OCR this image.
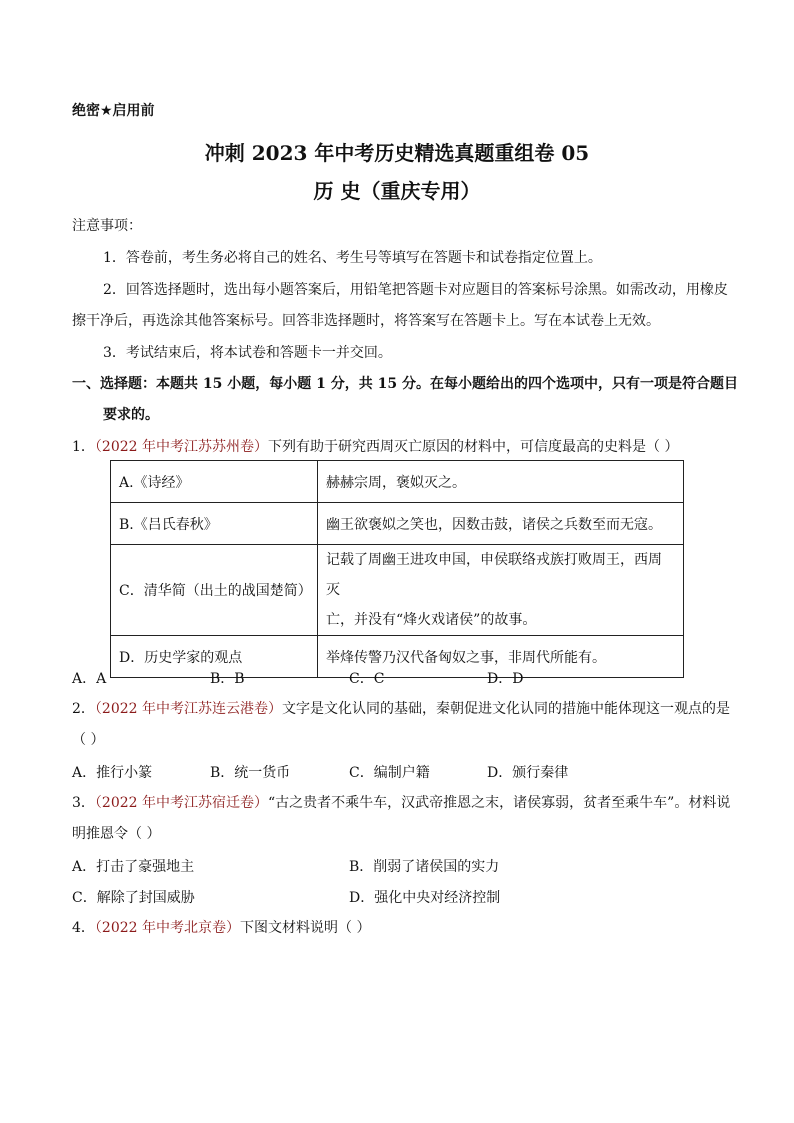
绝密★启用前
冲刺 2023 年中考历史精选真题重组卷 05
历 史（重庆专用）
注意事项：
1．答卷前，考生务必将自己的姓名、考生号等填写在答题卡和试卷指定位置上。
2．回答选择题时，选出每小题答案后，用铅笔把答题卡对应题目的答案标号涂黑。如需改动，用橡皮
擦干净后，再选涂其他答案标号。回答非选择题时，将答案写在答题卡上。写在本试卷上无效。
3．考试结束后，将本试卷和答题卡一并交回。
一、选择题：本题共 15 小题，每小题 1 分，共 15 分。在每小题给出的四个选项中，只有一项是符合题目
要求的。
1．（2022 年中考江苏苏州卷）下列有助于研究西周灭亡原因的材料中，可信度最高的史料是（ ）
A.《诗经》	赫赫宗周，褒姒灭之。
B.《吕氏春秋》	幽王欲褒姒之笑也，因数击鼓，诸侯之兵数至而无寇。
C．清华简（出土的战国楚简）	记载了周幽王进攻申国，申侯联络戎族打败周王，西周灭
亡，并没有“烽火戏诸侯”的故事。

D．历史学家的观点	举烽传警乃汉代备匈奴之事，非周代所能有。
A．A	B．B	C．C	D．D
2．（2022 年中考江苏连云港卷）文字是文化认同的基础，秦朝促进文化认同的措施中能体现这一观点的是
（ ）
A．推行小篆	B．统一货币	C．编制户籍	D．颁行秦律
3．（2022 年中考江苏宿迁卷）“古之贵者不乘牛车，汉武帝推恩之末，诸侯寡弱，贫者至乘牛车”。材料说
明推恩令（ ）
A．打击了豪强地主	B．削弱了诸侯国的实力
C．解除了封国威胁	D．强化中央对经济控制
4．（2022 年中考北京卷）下图文材料说明（ ）
